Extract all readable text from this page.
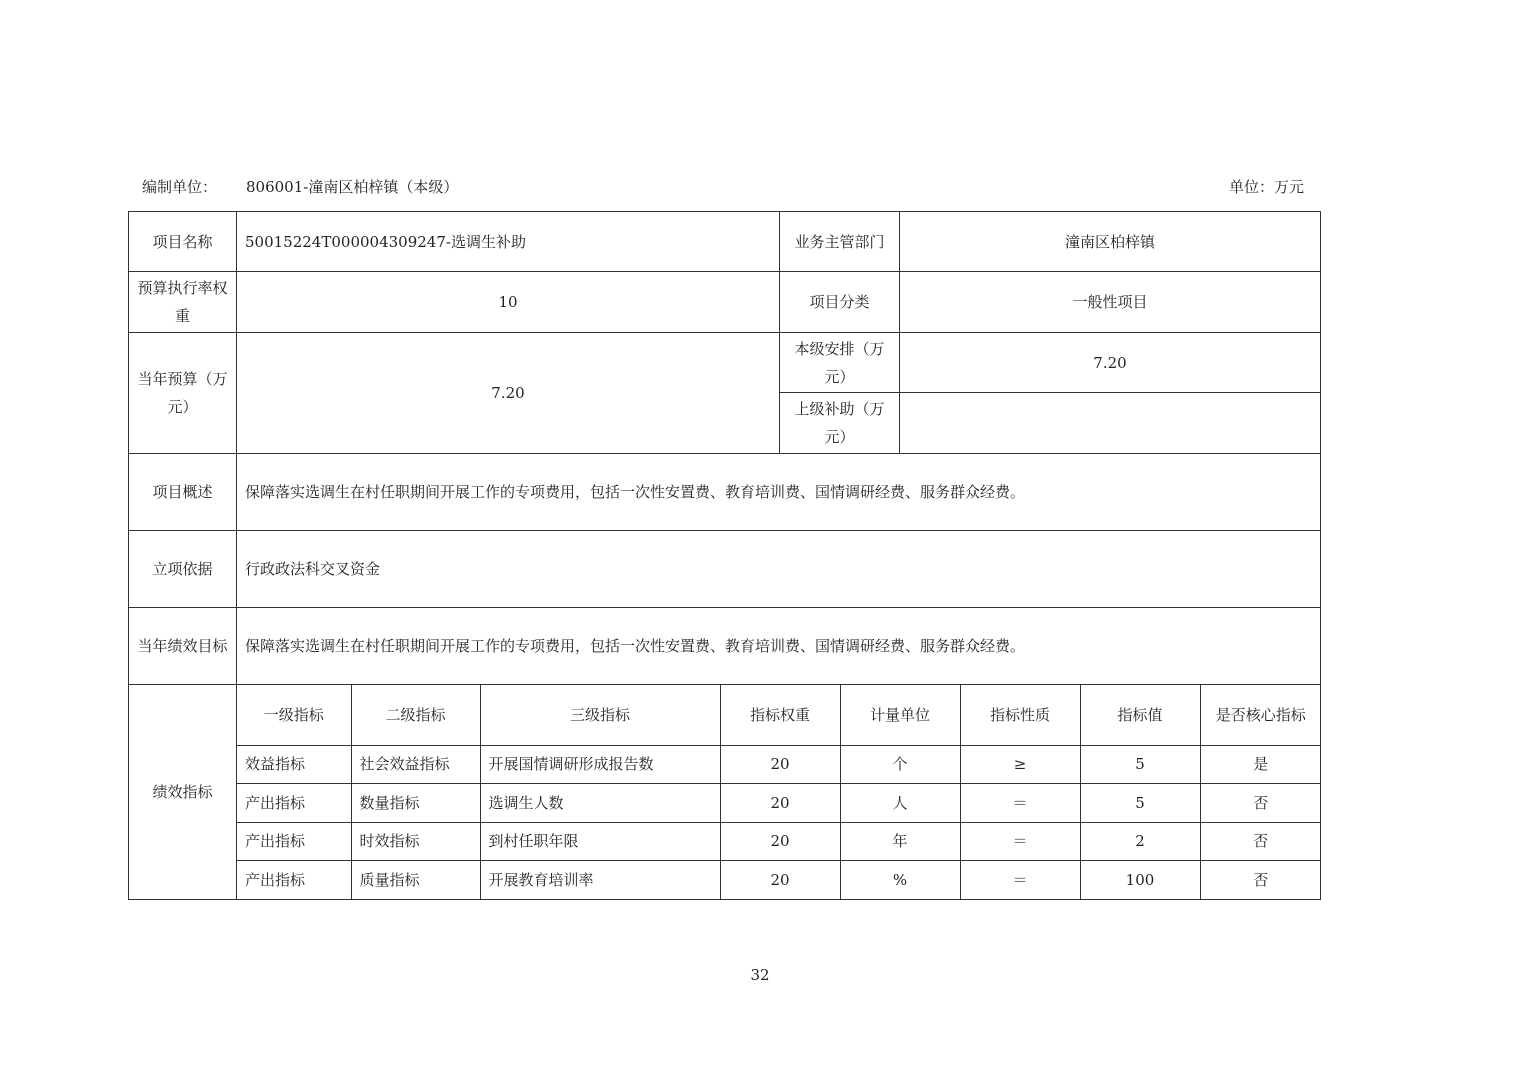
编制单位： 806001-潼南区柏梓镇（本级）	单位：万元
项目名称	50015224T000004309247-选调生补助	业务主管部门	潼南区柏梓镇
预算执行率权重	10	项目分类	一般性项目
当年预算（万元）	7.20	本级安排（万元）	7.20
上级补助（万元）	
项目概述	保障落实选调生在村任职期间开展工作的专项费用，包括一次性安置费、教育培训费、国情调研经费、服务群众经费。
立项依据	行政政法科交叉资金
当年绩效目标	保障落实选调生在村任职期间开展工作的专项费用，包括一次性安置费、教育培训费、国情调研经费、服务群众经费。
绩效指标	
一级指标	二级指标	三级指标	指标权重	计量单位	指标性质	指标值	是否核心指标
效益指标	社会效益指标	开展国情调研形成报告数	20	个	≥	5	是
产出指标	数量指标	选调生人数	20	人	＝	5	否
产出指标	时效指标	到村任职年限	20	年	＝	2	否
产出指标	质量指标	开展教育培训率	20	%	＝	100	否
32
